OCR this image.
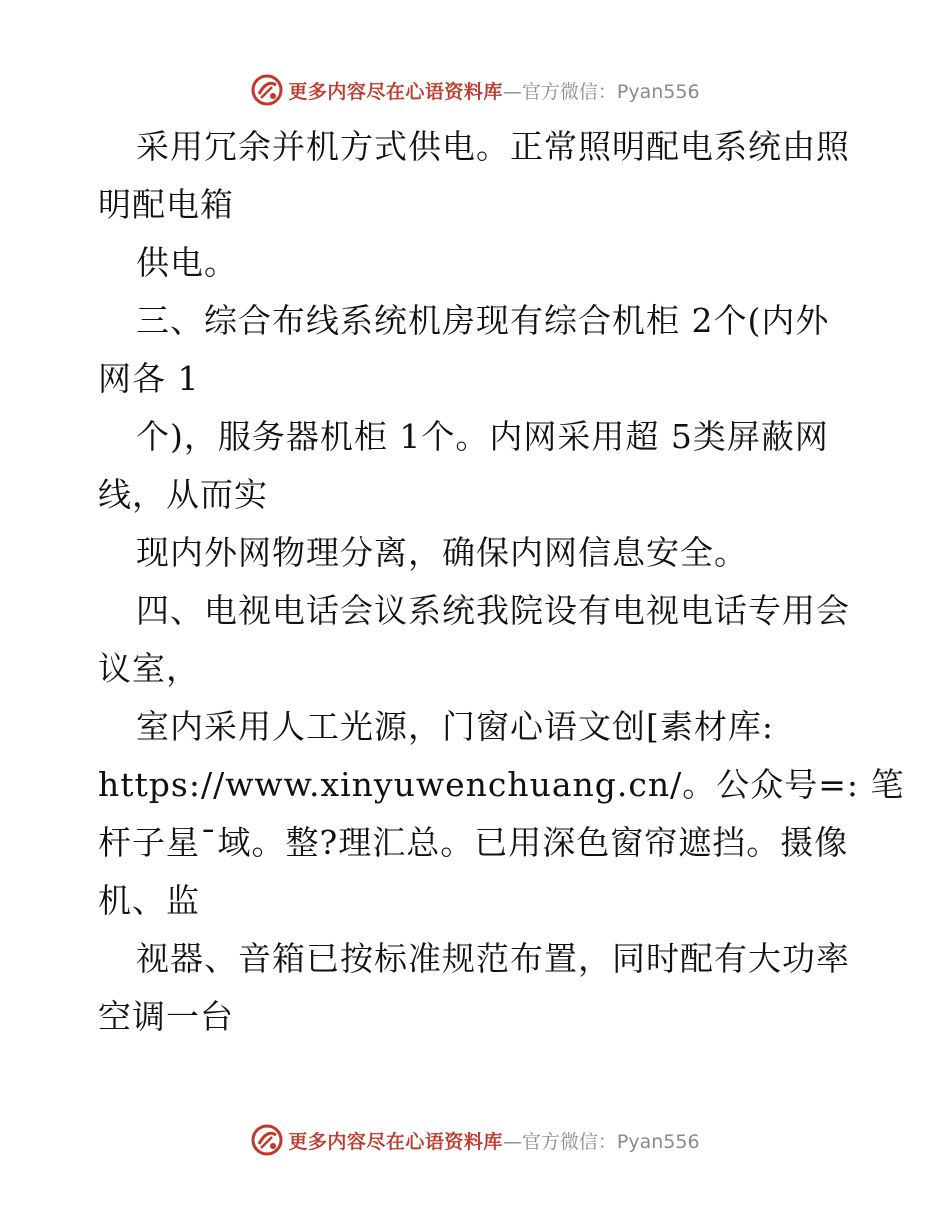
更多内容尽在心语资料库 —官方微信：Pyan556
采用冗余并机方式供电。正常照明配电系统由照
明配电箱
供电。
三、综合布线系统机房现有综合机柜 2个(内外
网各 1
个)，服务器机柜 1个。内网采用超 5类屏蔽网
线，从而实
现内外网物理分离，确保内网信息安全。
四、电视电话会议系统我院设有电视电话专用会
议室，
室内采用人工光源，门窗心语文创[素材库:
https://www.xinyuwenchuang.cn/。公众号=: 笔
杆子星¯域。整?理汇总。已用深色窗帘遮挡。摄像
机、监
视器、音箱已按标准规范布置，同时配有大功率
空调一台
更多内容尽在心语资料库 —官方微信：Pyan556
